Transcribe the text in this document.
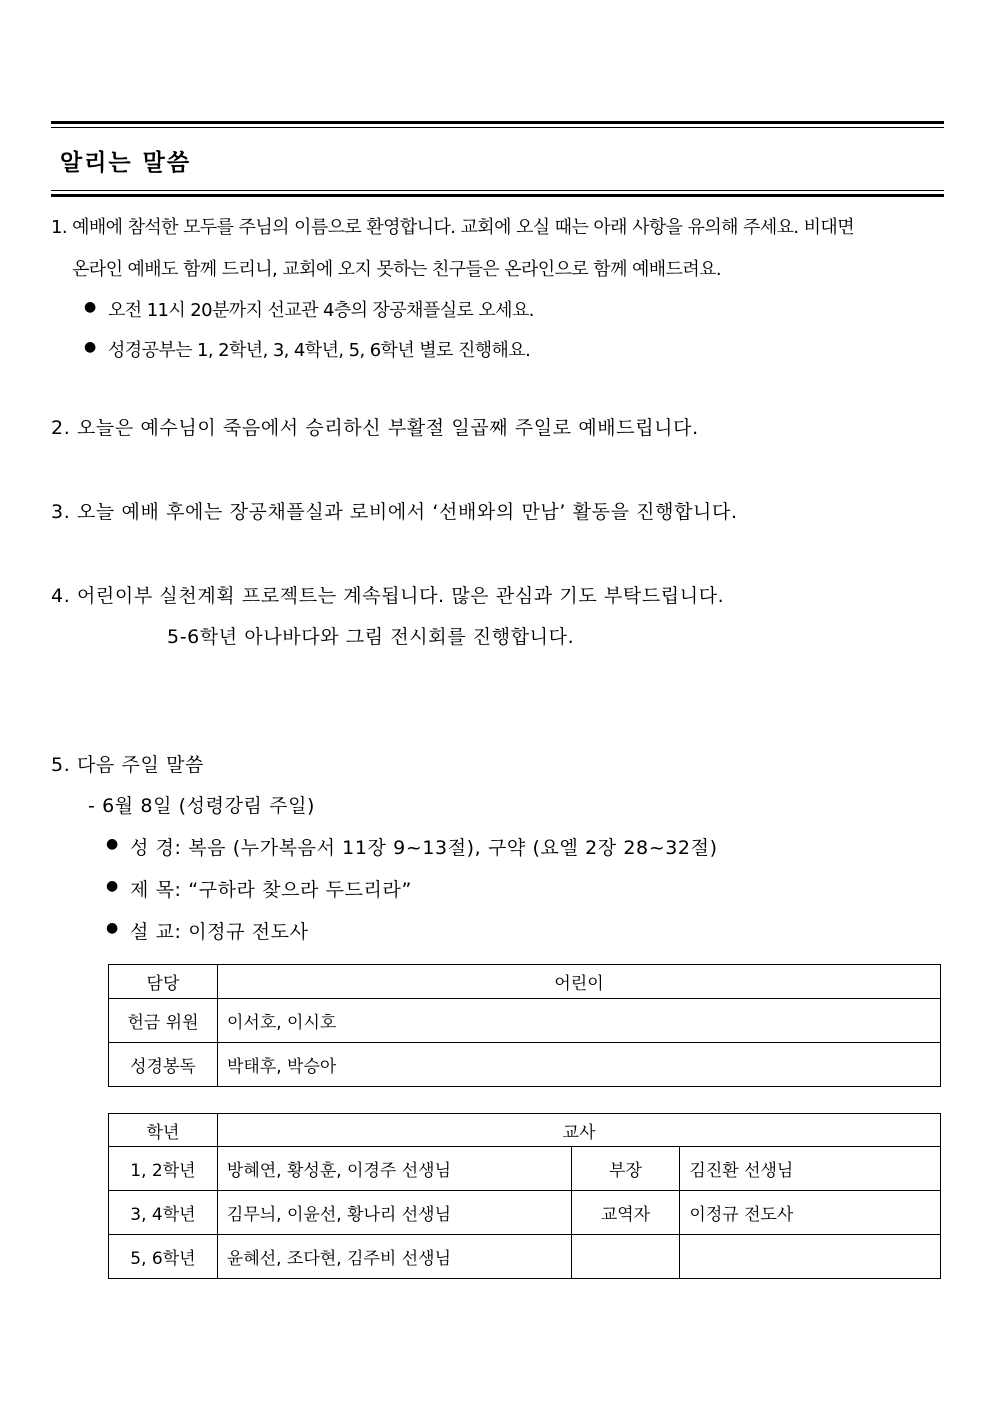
알리는 말씀
1. 예배에 참석한 모두를 주님의 이름으로 환영합니다. 교회에 오실 때는 아래 사항을 유의해 주세요. 비대면
온라인 예배도 함께 드리니, 교회에 오지 못하는 친구들은 온라인으로 함께 예배드려요.
● 오전 11시 20분까지 선교관 4층의 장공채플실로 오세요.
● 성경공부는 1, 2학년, 3, 4학년, 5, 6학년 별로 진행해요.
2. 오늘은 예수님이 죽음에서 승리하신 부활절 일곱째 주일로 예배드립니다.
3. 오늘 예배 후에는 장공채플실과 로비에서 ‘선배와의 만남’ 활동을 진행합니다.
4. 어린이부 실천계획 프로젝트는 계속됩니다. 많은 관심과 기도 부탁드립니다.
5-6학년 아나바다와 그림 전시회를 진행합니다.
5. 다음 주일 말씀
- 6월 8일 (성령강림 주일)
● 성 경: 복음 (누가복음서 11장 9~13절), 구약 (요엘 2장 28~32절)
● 제 목: “구하라 찾으라 두드리라”
● 설 교: 이정규 전도사
담당	어린이
헌금 위원	이서호, 이시호
성경봉독	박태후, 박승아
학년	교사		
1, 2학년	방혜연, 황성훈, 이경주 선생님	부장	김진환 선생님
3, 4학년	김무늬, 이윤선, 황나리 선생님	교역자	이정규 전도사
5, 6학년	윤혜선, 조다현, 김주비 선생님		
